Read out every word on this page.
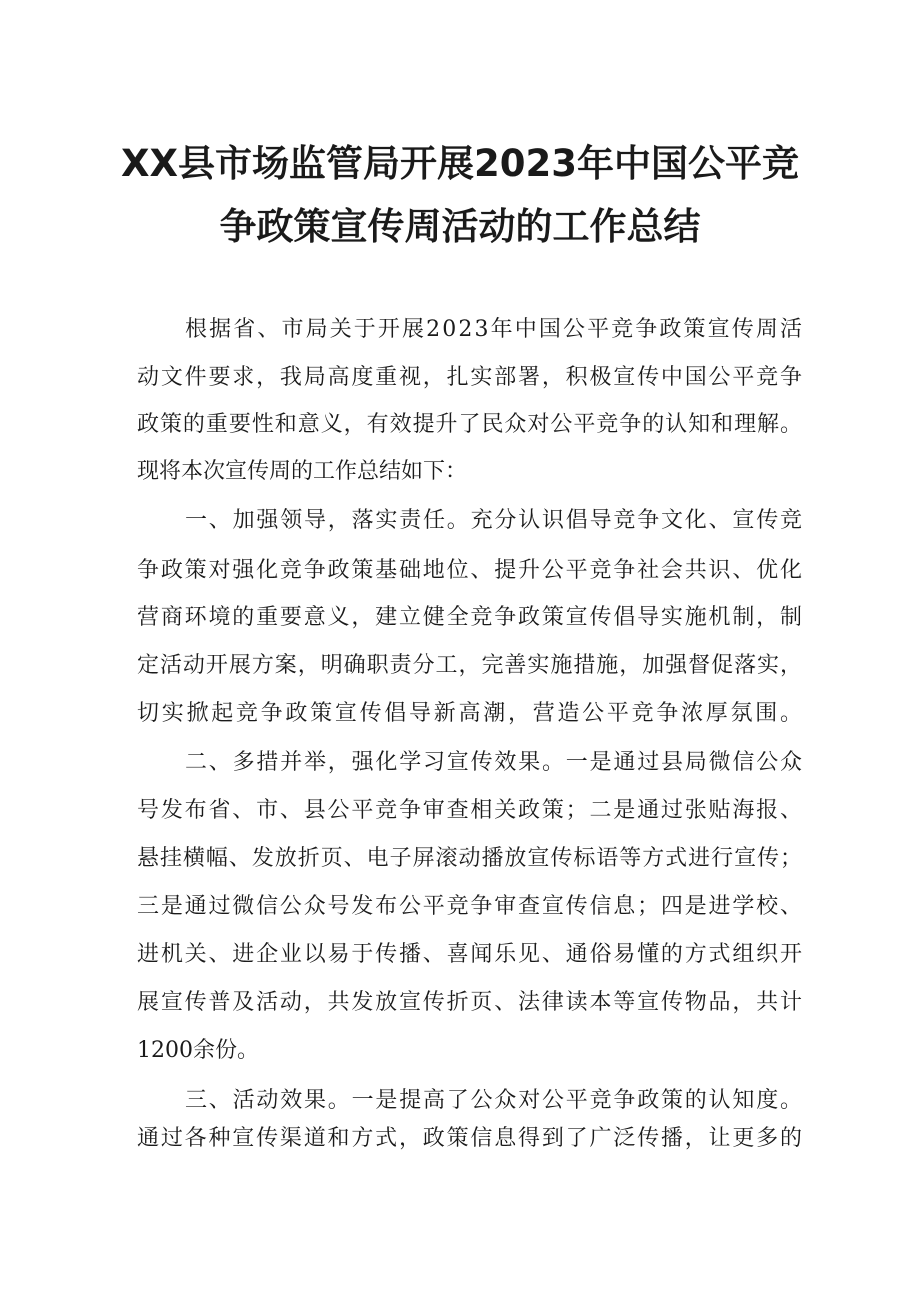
XX县市场监管局开展2023年中国公平竞
争政策宣传周活动的工作总结
根据省、市局关于开展2023年中国公平竞争政策宣传周活
动文件要求，我局高度重视，扎实部署，积极宣传中国公平竞争
政策的重要性和意义，有效提升了民众对公平竞争的认知和理解。
现将本次宣传周的工作总结如下：
一、加强领导，落实责任。充分认识倡导竞争文化、宣传竞
争政策对强化竞争政策基础地位、提升公平竞争社会共识、优化
营商环境的重要意义，建立健全竞争政策宣传倡导实施机制，制
定活动开展方案，明确职责分工，完善实施措施，加强督促落实，
切实掀起竞争政策宣传倡导新高潮，营造公平竞争浓厚氛围。
二、多措并举，强化学习宣传效果。一是通过县局微信公众
号发布省、市、县公平竞争审查相关政策；二是通过张贴海报、
悬挂横幅、发放折页、电子屏滚动播放宣传标语等方式进行宣传；
三是通过微信公众号发布公平竞争审查宣传信息；四是进学校、
进机关、进企业以易于传播、喜闻乐见、通俗易懂的方式组织开
展宣传普及活动，共发放宣传折页、法律读本等宣传物品，共计
1200余份。
三、活动效果。一是提高了公众对公平竞争政策的认知度。
通过各种宣传渠道和方式，政策信息得到了广泛传播，让更多的
